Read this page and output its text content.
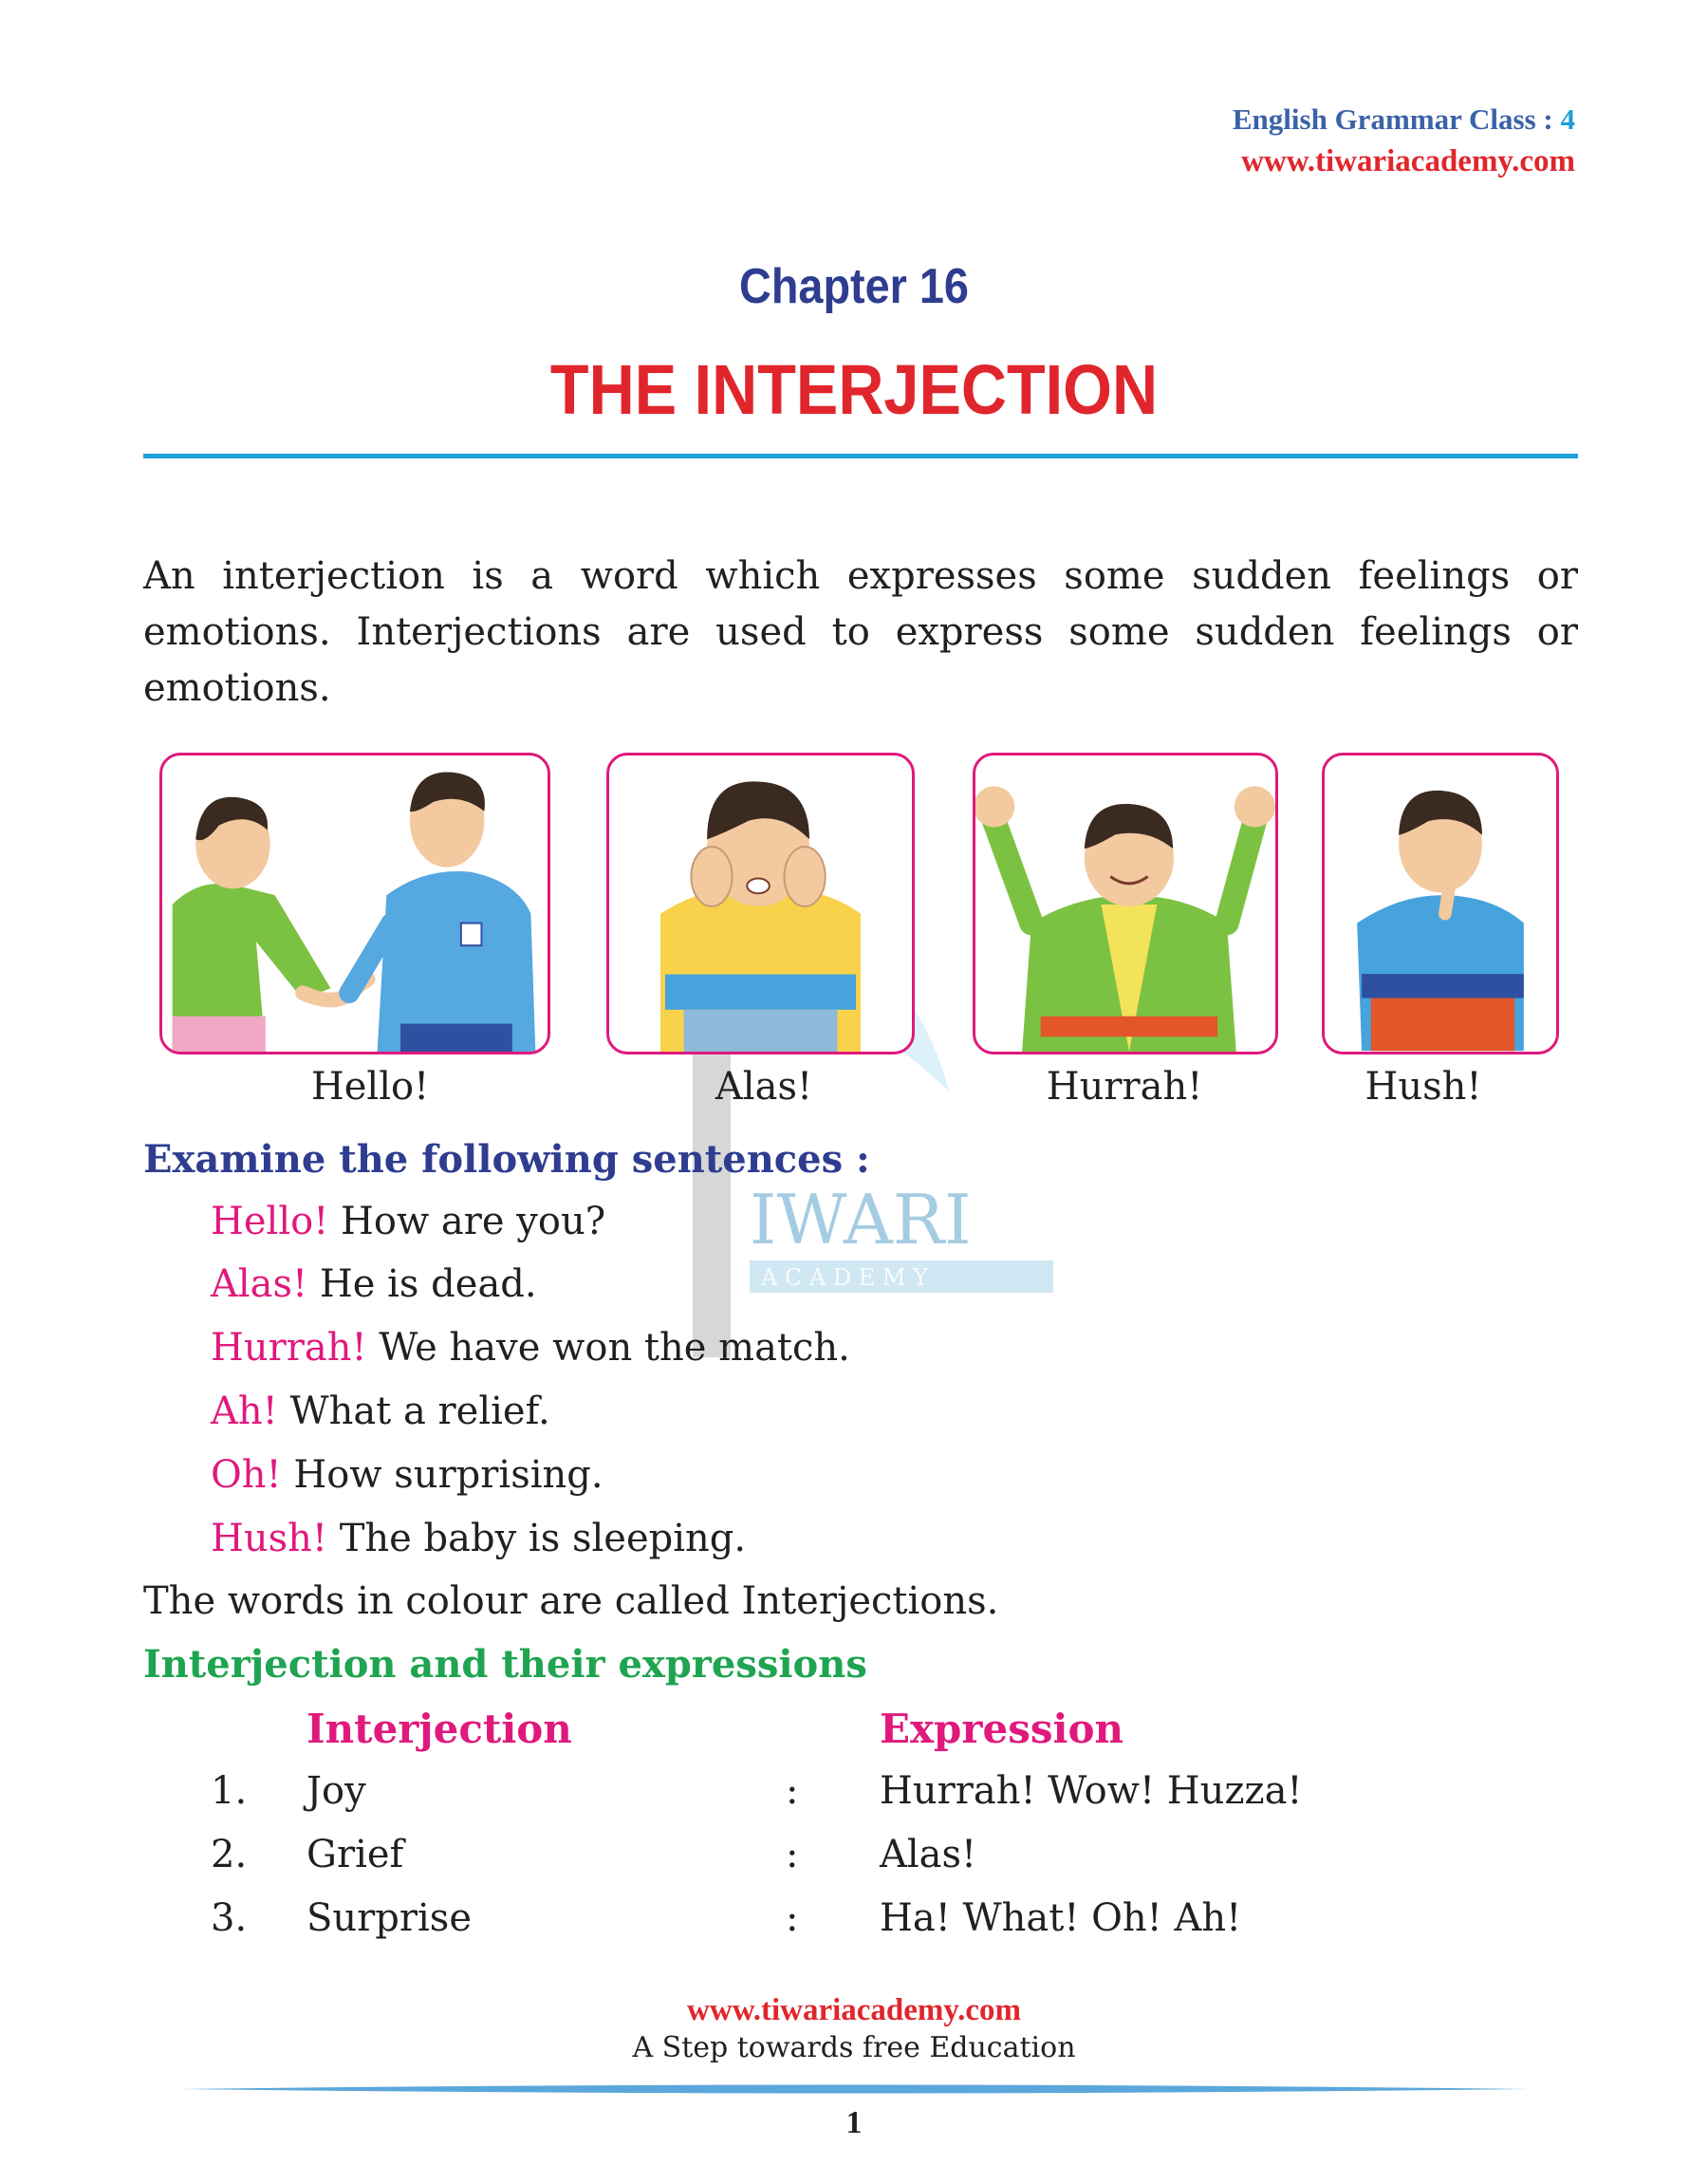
English Grammar Class : 4
www.tiwariacademy.com
Chapter 16
THE INTERJECTION
An interjection is a word which expresses some sudden feelings or emotions. Interjections are used to express some sudden feelings or emotions.
IWARI
A C A D E M Y
Hello!	Alas!	Hurrah!	Hush!
Examine the following sentences :
Hello! How are you?
Alas! He is dead.
Hurrah! We have won the match.
Ah! What a relief.
Oh! How surprising.
Hush! The baby is sleeping.
The words in colour are called Interjections.
Interjection and their expressions
Interjection	Expression
1. Joy	: Hurrah! Wow! Huzza!
2. Grief	: Alas!
3. Surprise	: Ha! What! Oh! Ah!
www.tiwariacademy.com
A Step towards free Education
1
